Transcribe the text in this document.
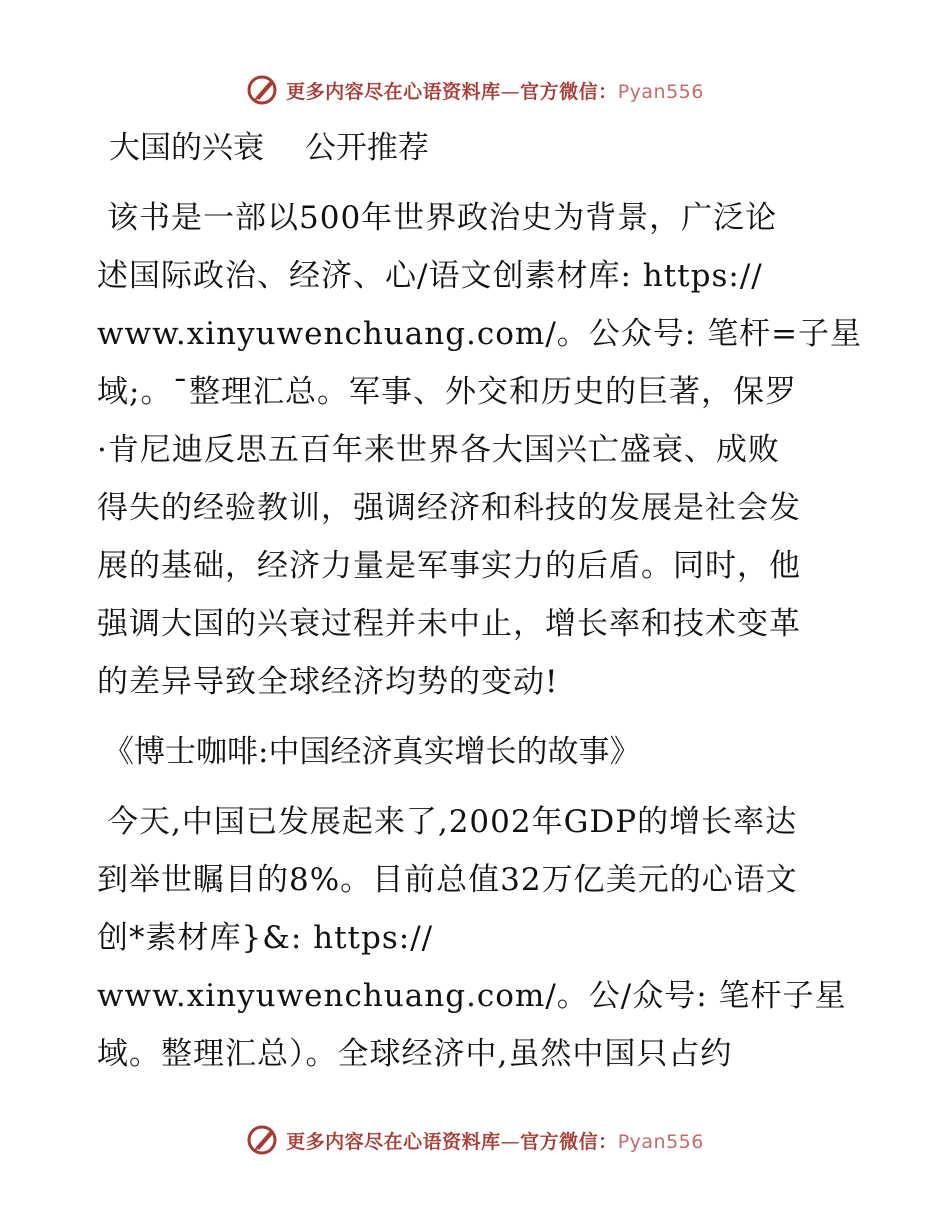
更多内容尽在心语资料库—官方微信：Pyan556
大国的兴衰　 公开推荐
该书是一部以500年世界政治史为背景，广泛论
述国际政治、经济、心/语文创素材库: https://
www.xinyuwenchuang.com/。公众号: 笔杆=子星
域;。¯整理汇总。军事、外交和历史的巨著，保罗
·肯尼迪反思五百年来世界各大国兴亡盛衰、成败
得失的经验教训，强调经济和科技的发展是社会发
展的基础，经济力量是军事实力的后盾。同时，他
强调大国的兴衰过程并未中止，增长率和技术变革
的差异导致全球经济均势的变动!
《博士咖啡:中国经济真实增长的故事》
今天,中国已发展起来了,2002年GDP的增长率达
到举世瞩目的8%。目前总值32万亿美元的心语文
创*素材库}&: https://
www.xinyuwenchuang.com/。公/众号: 笔杆子星
域。整理汇总）。全球经济中,虽然中国只占约
更多内容尽在心语资料库—官方微信：Pyan556
